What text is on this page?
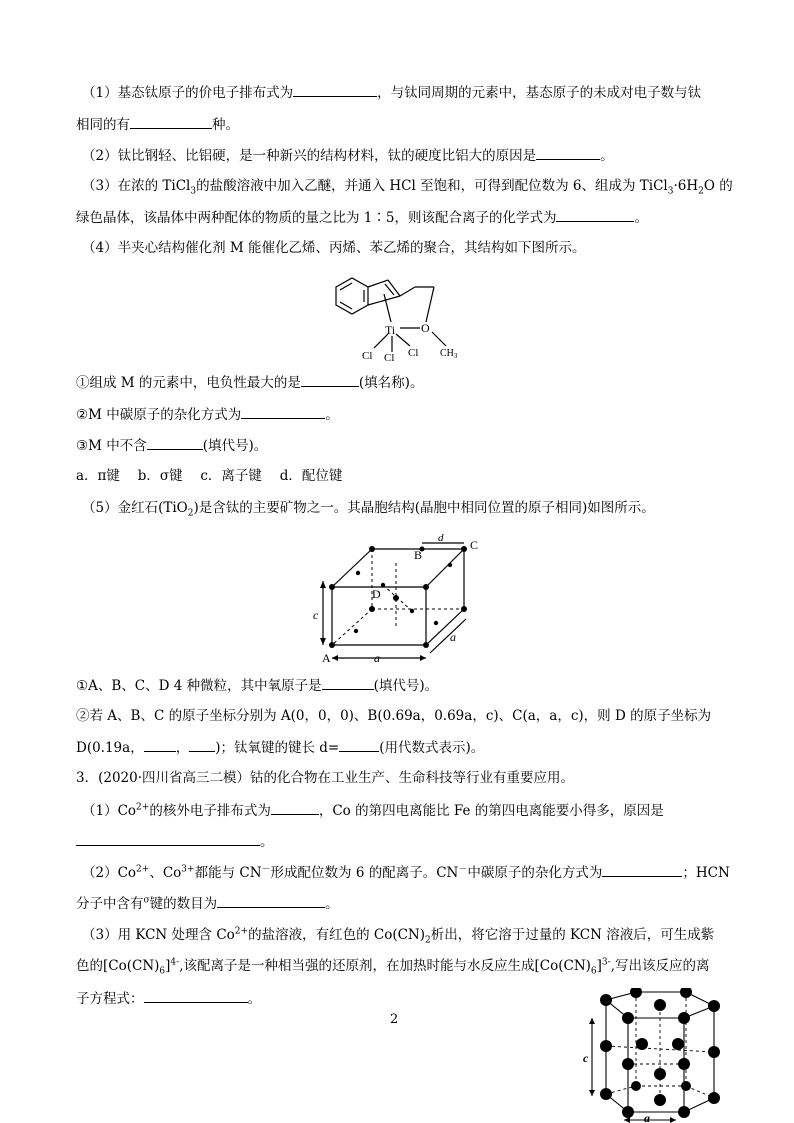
（1）基态钛原子的价电子排布式为	，与钛同周期的元素中，基态原子的未成对电子数与钛
相同的有	种。
（2）钛比钢轻、比铝硬，是一种新兴的结构材料，钛的硬度比铝大的原因是	。
（3）在浓的 TiCl$_3$的盐酸溶液中加入乙醚，并通入 HCl 至饱和，可得到配位数为 6、组成为 $TiCl_3\cdot 6H_2O$ 的
绿色晶体，该晶体中两种配体的物质的量之比为 1∶5，则该配合离子的化学式为	。
（4）半夹心结构催化剂 M 能催化乙烯、丙烯、苯乙烯的聚合，其结构如下图所示。
Ti O
Cl Cl Cl $CH_3$
①组成 M 的元素中，电负性最大的是	(填名称)。
②M 中碳原子的杂化方式为	。
③M 中不含	(填代号)。
a．π键　 b．σ键　 c．离子键　 d．配位键
（5）金红石(TiO$_2$)是含钛的主要矿物之一。其晶胞结构(晶胞中相同位置的原子相同)如图所示。
A
B
C
D
d
c
a
a
①A、B、C、D 4 种微粒，其中氧原子是	(填代号)。
②若 A、B、C 的原子坐标分别为 A(0，0，0)、B(0.69a，0.69a，c)、C(a，a，c)，则 D 的原子坐标为
D(0.19a， ， )；钛氧键的键长 d=	(用代数式表示)。
3．(2020·四川省高三二模）钴的化合物在工业生产、生命科技等行业有重要应用。
$(1)Co^{2+}$的核外电子排布式为	，Co 的第四电离能比 Fe 的第四电离能要小得多，原因是
。
$(2)Co^{2+}$、$Co^{3+}$都能与 CN－形成配位数为 6 的配离子。CN－中碳原子的杂化方式为	；HCN
分子中含有$^\sigma$键的数目为	。
（3）用 KCN 处理含 $Co^{2+}$的盐溶液，有红色的 $Co(CN)_2$析出，将它溶于过量的 KCN 溶液后，可生成紫
色的$[Co(CN)_6]^{4-}$,该配离子是一种相当强的还原剂，在加热时能与水反应生成$[Co(CN)_6]^{3-}$,写出该反应的离
子方程式：	。
2
c
a
